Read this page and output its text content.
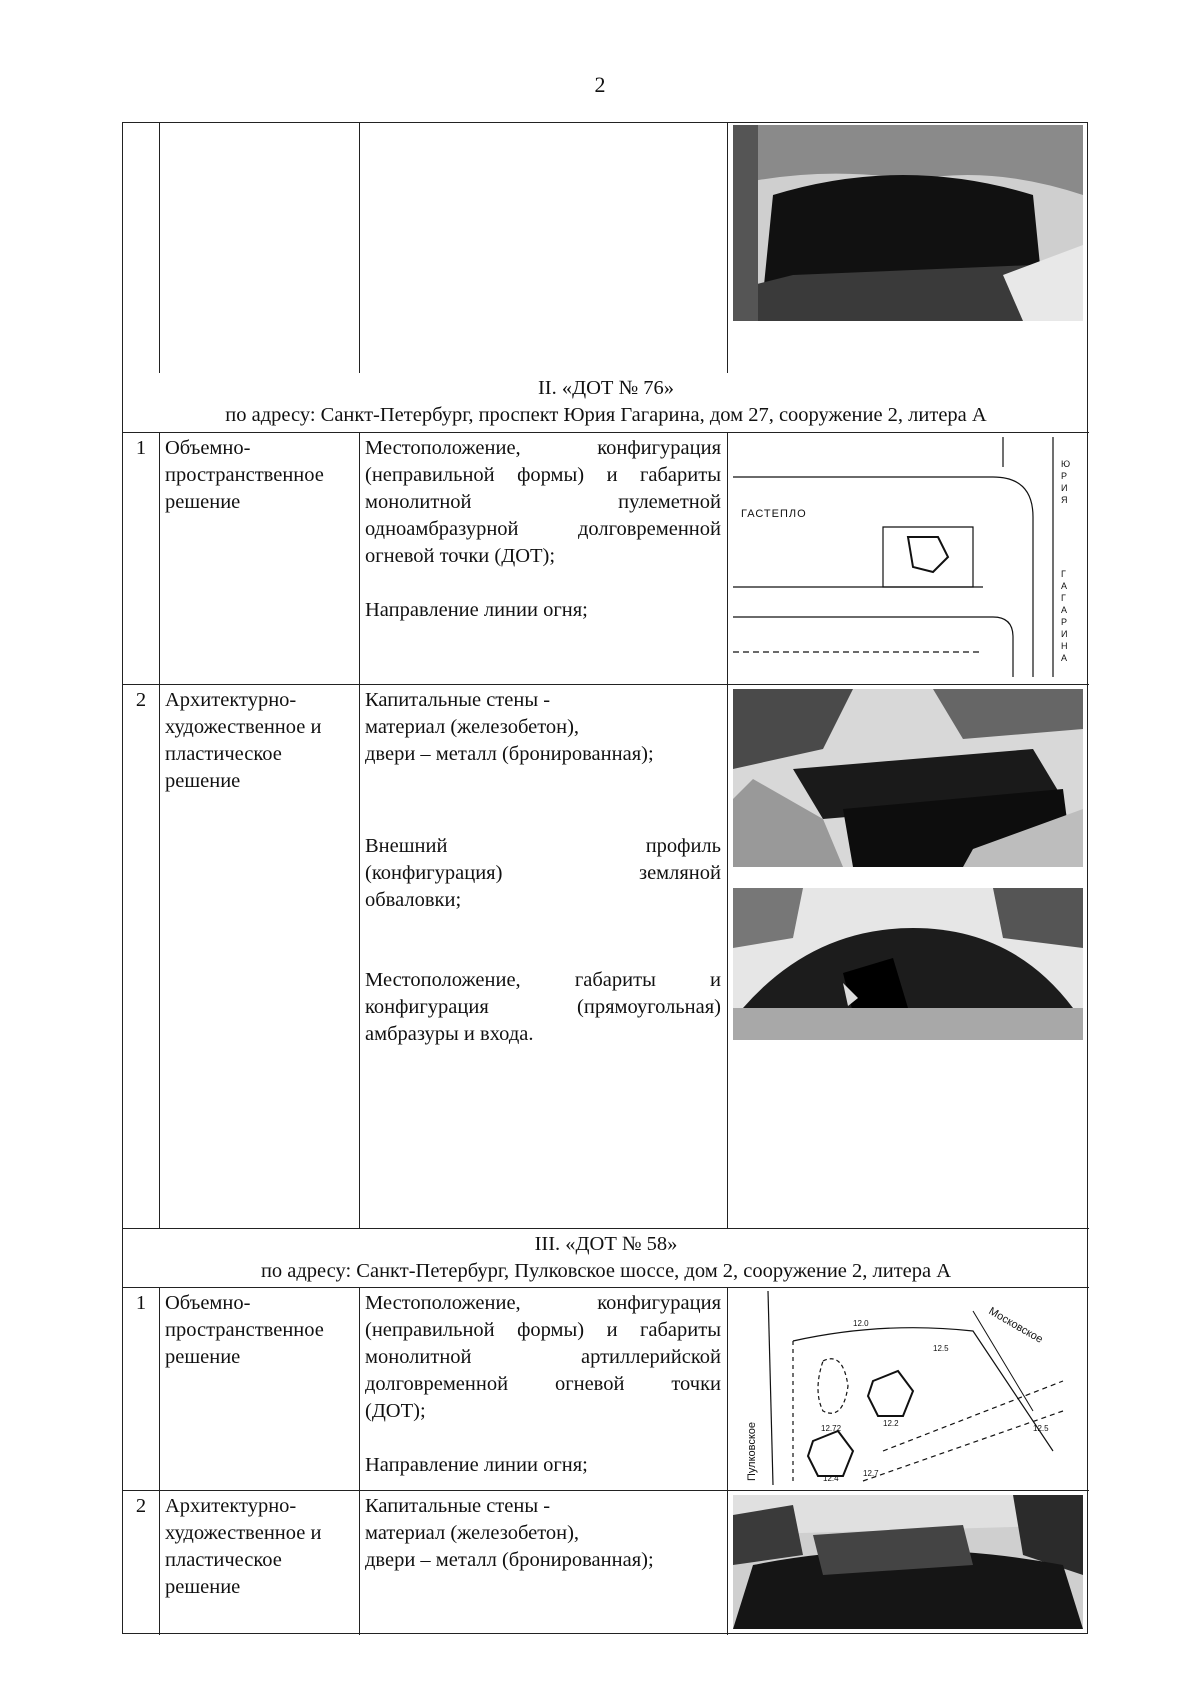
2
II. «ДОТ № 76»
по адресу: Санкт-Петербург, проспект Юрия Гагарина, дом 27, сооружение 2, литера А
1 Объемно-
пространственное
решение
Местоположение, конфигурация
(неправильной формы) и габариты
монолитной пулеметной
одноамбразурной долговременной
огневой точки (ДОТ);
Направление линии огня;
2 Архитектурно-
художественное и
пластическое
решение
Капитальные стены -
материал (железобетон),
двери – металл (бронированная);
Внешний профиль
(конфигурация) земляной
обваловки;
Местоположение, габариты и
конфигурация (прямоугольная)
амбразуры и входа.
III. «ДОТ № 58»
по адресу: Санкт-Петербург, Пулковское шоссе, дом 2, сооружение 2, литера А
1 Объемно-
пространственное
решение
Местоположение, конфигурация
(неправильной формы) и габариты
монолитной артиллерийской
долговременной огневой точки
(ДОТ);
Направление линии огня;
2 Архитектурно-
художественное и
пластическое
решение
Капитальные стены -
материал (железобетон),
двери – металл (бронированная);
ГАСТЕПЛО
Ю
Р
И
Я
Г
А
Г
А
Р
И
Н
А
Московское
Пулковское
12.0
12.5
12.2
12.4
12.7
12.72	12.5
